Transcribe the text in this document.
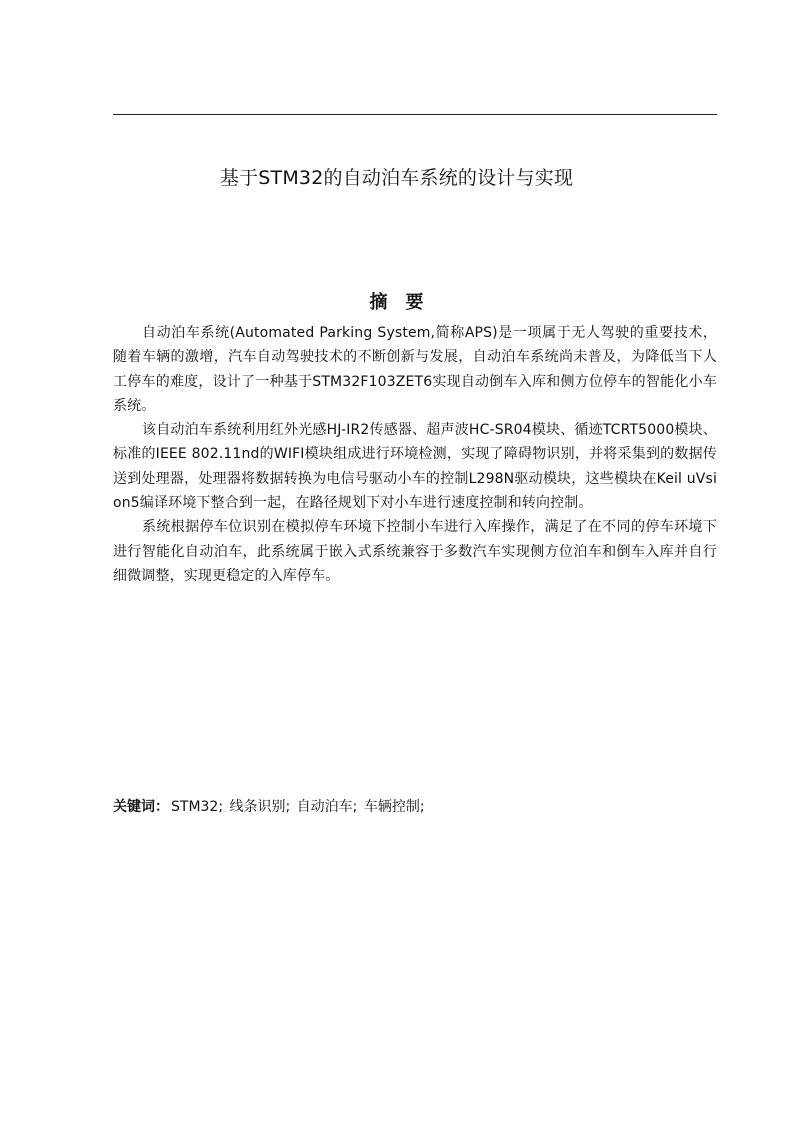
基于STM32的自动泊车系统的设计与实现
摘要

自动泊车系统(Automated Parking System,简称APS)是一项属于无人驾驶的重要技术，随着车辆的激增，汽车自动驾驶技术的不断创新与发展，自动泊车系统尚未普及，为降低当下人工停车的难度，设计了一种基于STM32F103ZET6实现自动倒车入库和侧方位停车的智能化小车系统。

该自动泊车系统利用红外光感HJ-IR2传感器、超声波HC-SR04模块、循迹TCRT5000模块、标准的IEEE 802.11nd的WIFI模块组成进行环境检测，实现了障碍物识别，并将采集到的数据传送到处理器，处理器将数据转换为电信号驱动小车的控制L298N驱动模块，这些模块在Keil uVsion5编译环境下整合到一起，在路径规划下对小车进行速度控制和转向控制。

系统根据停车位识别在模拟停车环境下控制小车进行入库操作，满足了在不同的停车环境下进行智能化自动泊车，此系统属于嵌入式系统兼容于多数汽车实现侧方位泊车和倒车入库并自行细微调整，实现更稳定的入库停车。

关键词： STM32; 线条识别; 自动泊车; 车辆控制;
